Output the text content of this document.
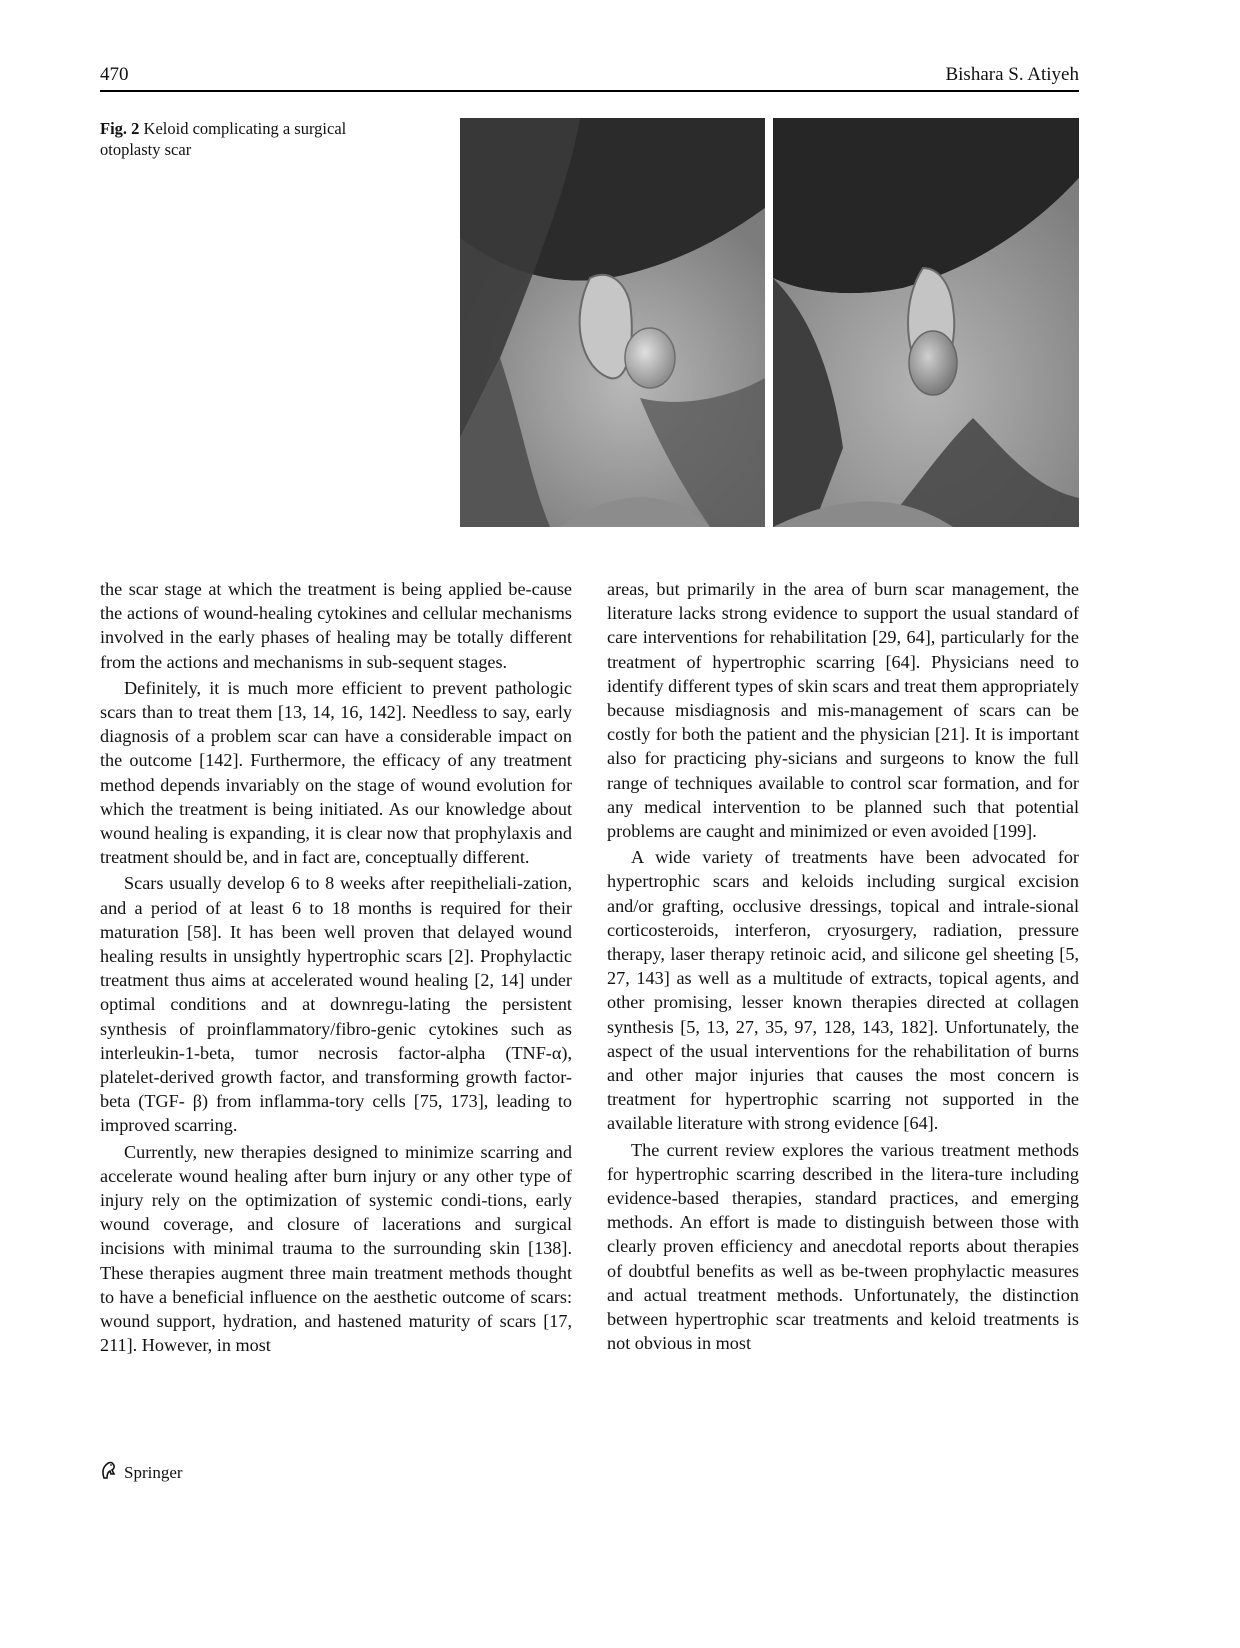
470	Bishara S. Atiyeh
Fig. 2 Keloid complicating a surgical otoplasty scar

the scar stage at which the treatment is being applied be-cause the actions of wound-healing cytokines and cellular mechanisms involved in the early phases of healing may be totally different from the actions and mechanisms in sub-sequent stages.

Definitely, it is much more efficient to prevent pathologic scars than to treat them [13, 14, 16, 142]. Needless to say, early diagnosis of a problem scar can have a considerable impact on the outcome [142]. Furthermore, the efficacy of any treatment method depends invariably on the stage of wound evolution for which the treatment is being initiated. As our knowledge about wound healing is expanding, it is clear now that prophylaxis and treatment should be, and in fact are, conceptually different.

Scars usually develop 6 to 8 weeks after reepitheliali-zation, and a period of at least 6 to 18 months is required for their maturation [58]. It has been well proven that delayed wound healing results in unsightly hypertrophic scars [2]. Prophylactic treatment thus aims at accelerated wound healing [2, 14] under optimal conditions and at downregu-lating the persistent synthesis of proinflammatory/fibro-genic cytokines such as interleukin-1-beta, tumor necrosis factor-alpha (TNF-α), platelet-derived growth factor, and transforming growth factor-beta (TGF- β) from inflamma-tory cells [75, 173], leading to improved scarring.

Currently, new therapies designed to minimize scarring and accelerate wound healing after burn injury or any other type of injury rely on the optimization of systemic condi-tions, early wound coverage, and closure of lacerations and surgical incisions with minimal trauma to the surrounding skin [138]. These therapies augment three main treatment methods thought to have a beneficial influence on the aesthetic outcome of scars: wound support, hydration, and hastened maturity of scars [17, 211]. However, in most

areas, but primarily in the area of burn scar management, the literature lacks strong evidence to support the usual standard of care interventions for rehabilitation [29, 64], particularly for the treatment of hypertrophic scarring [64]. Physicians need to identify different types of skin scars and treat them appropriately because misdiagnosis and mis-management of scars can be costly for both the patient and the physician [21]. It is important also for practicing phy-sicians and surgeons to know the full range of techniques available to control scar formation, and for any medical intervention to be planned such that potential problems are caught and minimized or even avoided [199].

A wide variety of treatments have been advocated for hypertrophic scars and keloids including surgical excision and/or grafting, occlusive dressings, topical and intrale-sional corticosteroids, interferon, cryosurgery, radiation, pressure therapy, laser therapy retinoic acid, and silicone gel sheeting [5, 27, 143] as well as a multitude of extracts, topical agents, and other promising, lesser known therapies directed at collagen synthesis [5, 13, 27, 35, 97, 128, 143, 182]. Unfortunately, the aspect of the usual interventions for the rehabilitation of burns and other major injuries that causes the most concern is treatment for hypertrophic scarring not supported in the available literature with strong evidence [64].

The current review explores the various treatment methods for hypertrophic scarring described in the litera-ture including evidence-based therapies, standard practices, and emerging methods. An effort is made to distinguish between those with clearly proven efficiency and anecdotal reports about therapies of doubtful benefits as well as be-tween prophylactic measures and actual treatment methods. Unfortunately, the distinction between hypertrophic scar treatments and keloid treatments is not obvious in most

Springer
